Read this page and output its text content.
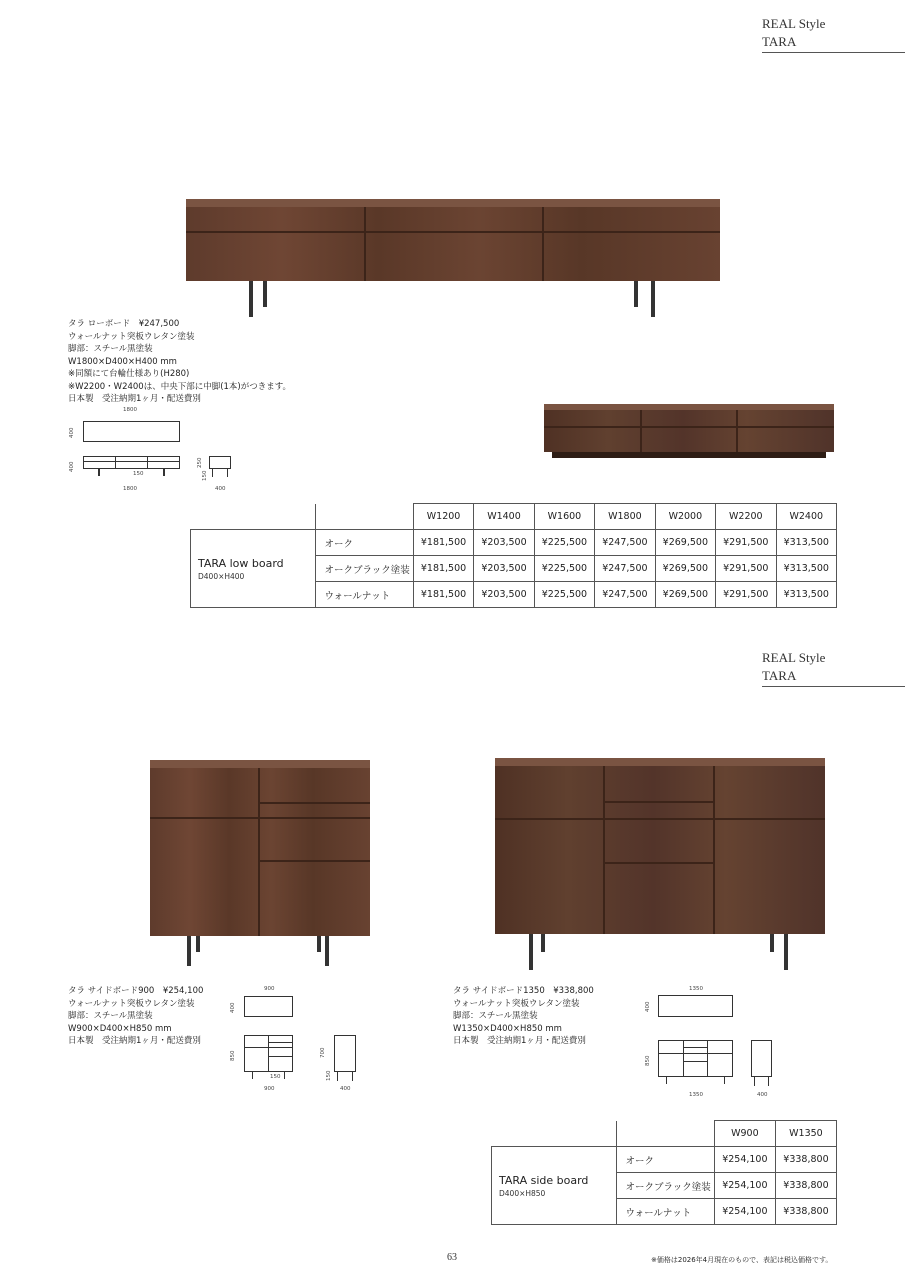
REAL Style
TARA
タラ ローボード　¥247,500
ウォールナット突板ウレタン塗装
脚部：スチール黒塗装
W1800×D400×H400 mm
※同額にて台輪仕様あり(H280)
※W2200・W2400は、中央下部に中脚(1本)がつきます。
日本製　受注納期1ヶ月・配送費別
1800
400
400
150
1800
250
150
400
		W1200	W1400	W1600	W1800	W2000	W2200	W2400

TARA low board
D400×H400	オーク	¥181,500	¥203,500	¥225,500	¥247,500	¥269,500	¥291,500	¥313,500
	オークブラック塗装	¥181,500	¥203,500	¥225,500	¥247,500	¥269,500	¥291,500	¥313,500
	ウォールナット	¥181,500	¥203,500	¥225,500	¥247,500	¥269,500	¥291,500	¥313,500
REAL Style
TARA
タラ サイドボード900　¥254,100
ウォールナット突板ウレタン塗装
脚部：スチール黒塗装
W900×D400×H850 mm
日本製　受注納期1ヶ月・配送費別
900
400
850
150
900
700
150
400
タラ サイドボード1350　¥338,800
ウォールナット突板ウレタン塗装
脚部：スチール黒塗装
W1350×D400×H850 mm
日本製　受注納期1ヶ月・配送費別
1350
400
850
1350	400
		W900	W1350

TARA side board
D400×H850	オーク	¥254,100	¥338,800
	オークブラック塗装	¥254,100	¥338,800
	ウォールナット	¥254,100	¥338,800
63	※価格は2026年4月現在のもので、表記は税込価格です。
